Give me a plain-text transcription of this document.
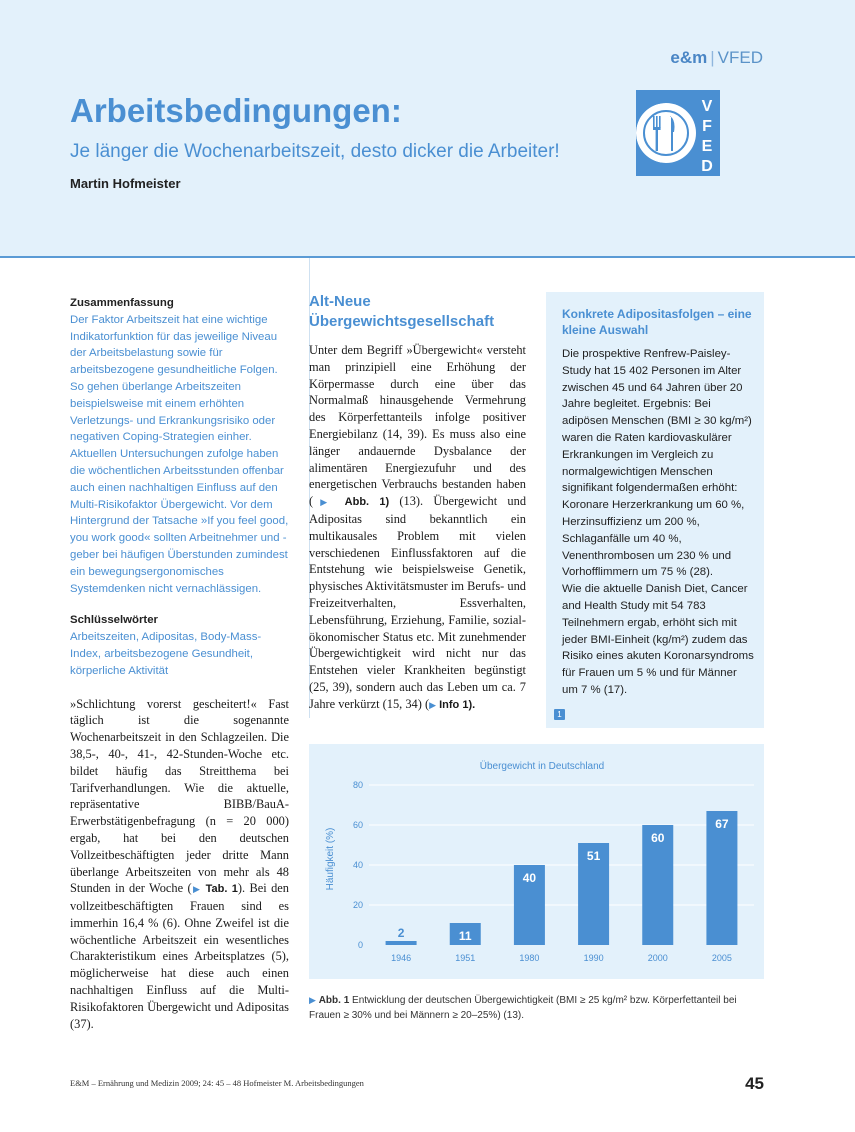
e&m | VFED
Arbeitsbedingungen:
Je länger die Wochenarbeitszeit, desto dicker die Arbeiter!
Martin Hofmeister
V
F
E
D
Zusammenfassung

Der Faktor Arbeitszeit hat eine wichtige Indikatorfunktion für das jeweilige Niveau der Arbeitsbelastung sowie für arbeitsbezogene gesundheitliche Folgen. So gehen überlange Arbeitszeiten beispielsweise mit einem erhöhten Verletzungs- und Erkrankungsrisiko oder negativen Coping-Strategien einher. Aktuellen Untersuchungen zufolge haben die wöchentlichen Arbeitsstunden offenbar auch einen nachhaltigen Einfluss auf den Multi-Risikofaktor Übergewicht. Vor dem Hintergrund der Tatsache »If you feel good, you work good« sollten Arbeitnehmer und -geber bei häufigen Überstunden zumindest ein bewegungsergonomisches Systemdenken nicht vernachlässigen.

Schlüsselwörter

Arbeitszeiten, Adipositas, Body-Mass-Index, arbeitsbezogene Gesundheit, körperliche Aktivität

»Schlichtung vorerst gescheitert!« Fast täglich ist die sogenannte Wochenarbeitszeit in den Schlagzeilen. Die 38,5-, 40-, 41-, 42-Stunden-Woche etc. bildet häufig das Streitthema bei Tarifverhandlungen. Wie die aktuelle, repräsentative BIBB/BauA-Erwerbstätigenbefragung (n = 20 000) ergab, hat bei den deutschen Vollzeitbeschäftigten jeder dritte Mann überlange Arbeitszeiten von mehr als 48 Stunden in der Woche (▶ Tab. 1). Bei den vollzeitbeschäftigten Frauen sind es immerhin 16,4 % (6). Ohne Zweifel ist die wöchentliche Arbeitszeit ein wesentliches Charakteristikum eines Arbeitsplatzes (5), möglicherweise hat diese auch einen nachhaltigen Einfluss auf die Multi-Risikofaktoren Übergewicht und Adipositas (37).

Alt-Neue Übergewichtsgesellschaft

Unter dem Begriff »Übergewicht« versteht man prinzipiell eine Erhöhung der Körpermasse durch eine über das Normalmaß hinausgehende Vermehrung des Körperfettanteils infolge positiver Energiebilanz (14, 39). Es muss also eine länger andauernde Dysbalance der alimentären Energiezufuhr und des energetischen Verbrauchs bestanden haben (▶ Abb. 1) (13). Übergewicht und Adipositas sind bekanntlich ein multikausales Problem mit vielen verschiedenen Einflussfaktoren auf die Entstehung wie beispielsweise Genetik, physisches Aktivitätsmuster im Berufs- und Freizeitverhalten, Essverhalten, Lebensführung, Erziehung, Familie, sozial-ökonomischer Status etc. Mit zunehmender Übergewichtigkeit wird nicht nur das Entstehen vieler Krankheiten begünstigt (25, 39), sondern auch das Leben um ca. 7 Jahre verkürzt (15, 34) (▶ Info 1).

Konkrete Adipositasfolgen – eine kleine Auswahl

Die prospektive Renfrew-Paisley-Study hat 15 402 Personen im Alter zwischen 45 und 64 Jahren über 20 Jahre begleitet. Ergebnis: Bei adipösen Menschen (BMI ≥ 30 kg/m²) waren die Raten kardiovaskulärer Erkrankungen im Vergleich zu normalgewichtigen Menschen signifikant folgendermaßen erhöht: Koronare Herzerkrankung um 60 %, Herzinsuffizienz um 200 %, Schlaganfälle um 40 %, Venenthrombosen um 230 % und Vorhofflimmern um 75 % (28).

Wie die aktuelle Danish Diet, Cancer and Health Study mit 54 783 Teilnehmern ergab, erhöht sich mit jeder BMI-Einheit (kg/m²) zudem das Risiko eines akuten Koronarsyndroms für Frauen um 5 % und für Männer um 7 % (17).

1
Übergewicht in Deutschland
Häufigkeit (%)
0
20
40
60
80
2
1946
11
1951
40
1980
51
1990
60
2000
67
2005
▶ Abb. 1 Entwicklung der deutschen Übergewichtigkeit (BMI ≥ 25 kg/m² bzw. Körperfettanteil bei Frauen ≥ 30% und bei Männern ≥ 20–25%) (13).
E&M – Ernährung und Medizin 2009; 24: 45 – 48 Hofmeister M. Arbeitsbedingungen	45
